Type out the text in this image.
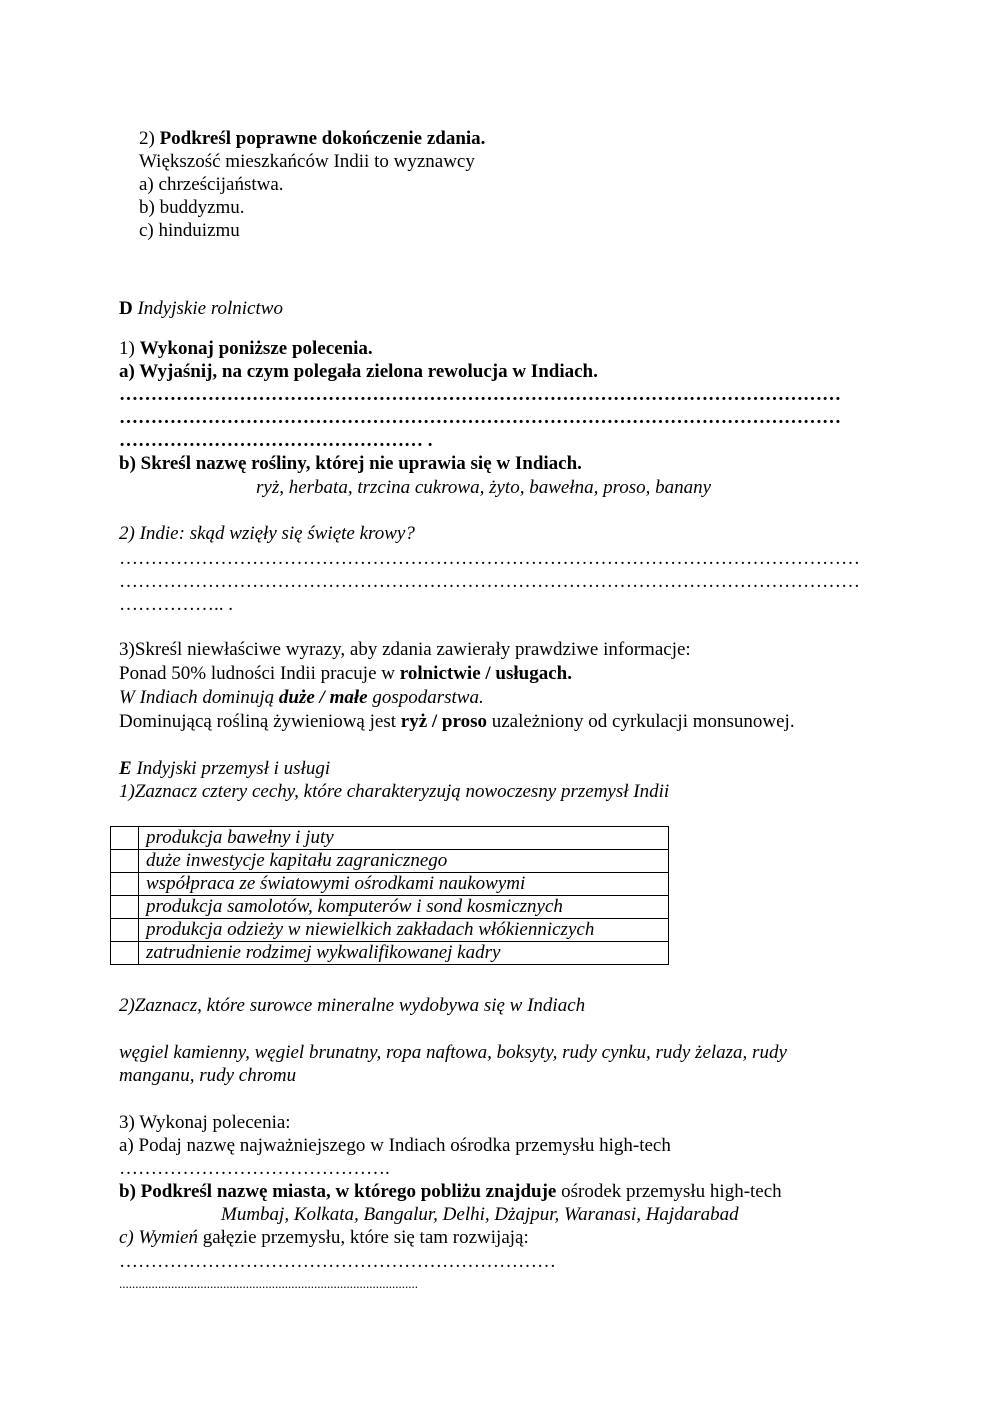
2) Podkreśl poprawne dokończenie zdania.
Większość mieszkańców Indii to wyznawcy
a) chrześcijaństwa.
b) buddyzmu.
c) hinduizmu
D Indyjskie rolnictwo
1) Wykonaj poniższe polecenia.
a) Wyjaśnij, na czym polegała zielona rewolucja w Indiach.
……………………………………………………………………………………………………
……………………………………………………………………………………………………
………………………………………… .
b) Skreśl nazwę rośliny, której nie uprawia się w Indiach.
ryż, herbata, trzcina cukrowa, żyto, bawełna, proso, banany
2) Indie: skąd wzięły się święte krowy?
………………………………………………………………………………………………………
………………………………………………………………………………………………………
…………….. .
3)Skreśl niewłaściwe wyrazy, aby zdania zawierały prawdziwe informacje:
Ponad 50% ludności Indii pracuje w rolnictwie / usługach.
W Indiach dominują duże / małe gospodarstwa.
Dominującą rośliną żywieniową jest ryż / proso uzależniony od cyrkulacji monsunowej.
E Indyjski przemysł i usługi
1)Zaznacz cztery cechy, które charakteryzują nowoczesny przemysł Indii
	produkcja bawełny i juty
	duże inwestycje kapitału zagranicznego
	współpraca ze światowymi ośrodkami naukowymi
	produkcja samolotów, komputerów i sond kosmicznych
	produkcja odzieży w niewielkich zakładach włókienniczych
	zatrudnienie rodzimej wykwalifikowanej kadry
2)Zaznacz, które surowce mineralne wydobywa się w Indiach
węgiel kamienny, węgiel brunatny, ropa naftowa, boksyty, rudy cynku, rudy żelaza, rudy
manganu, rudy chromu
3) Wykonaj polecenia:
a) Podaj nazwę najważniejszego w Indiach ośrodka przemysłu high-tech
…………………………………….
b) Podkreśl nazwę miasta, w którego pobliżu znajduje ośrodek przemysłu high-tech
Mumbaj, Kolkata, Bangalur, Delhi, Dżajpur, Waranasi, Hajdarabad
c) Wymień gałęzie przemysłu, które się tam rozwijają:
……………………………………………………………
............................................................................................
